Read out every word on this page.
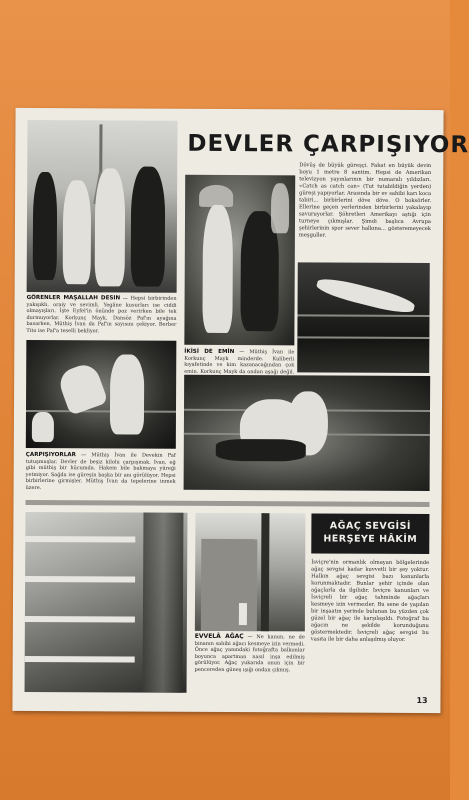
DEVLER ÇARPIŞIYOR

Dövüş de büyük güreşçi. Fakat en büyük devin boyu 1 metre 8 santim. Hepsi de Amerikan televizyon yayınlarının bir numaralı yıldızları. «Catch as catch can» (Tut tutabildiğin yerden) güreşi yapıyorlar. Arasında bir ev sahibi karı koca tabiri... birbirlerini döve döve. O boksörler. Ellerine geçen yerlerinden birbirlerini yakalayıp savuruyorlar. Şöhretleri Amerikayı aştığı için turneye çıkmışlar. Şimdi başlıca Avrupa şehirlerinin spor sever halkına... gösteremeyecek meşguller.

İKİSİ DE EMİN — Müthiş İvan ile Korkunç Mayk minderde. Kuliberli kıyafetinde ve kim kazanacağından çok emin. Korkunç Mayk da ondan aşağı değil.

GÖRENLER MAŞALLAH DESIN — Hepsi birbirinden yakışıklı, oraiy ve sevimli. Yegâne kusurları ise ciddi olmayışları. İşte Eyfel'in önünde poz verirken bile tek durmuyorlar. Korkunç Mayk, Dansöz Paf'ın ayağına basarken, Müthiş İvan da Paf'ın sayısını çekiyor. Berber Tito ise Paf'a teselli bekliyor.

ÇARPIŞIYORLAR — Müthiş İvan ile Devekin Paf tutuşmuşlar. Devler de beşiz kilolu çarpışmak. İvan, eğ gibi müthiş bir hücumda. Hakem bile bakmaya yüreği yetmiyor. Sağda ise güreşin başka bir anı görülüyor. Hepsi birbirlerine girmişler. Müthiş İvan da tepelerine inmek üzere.

EVVELÂ AĞAÇ — Ne kanun, ne de binanın sahibi ağacı kesmeye izin vermedi. Önce ağaç yanındaki fotoğrafta balkonlar boyunca apartman nasıl inşa edilmiş görülüyor. Ağaç yukarıda onun için bir pencereden güneş ışığı ondan çıkmış.

AĞAÇ SEVGİSİ
HERŞEYE HÂKİM

İsviçre'nin ormanlık olmayan bölgelerinde ağaç sevgisi kadar kuvvetli bir şey yoktur. Halkın ağaç sevgisi bazı kanunlarla korunmaktadır. Bunlar şehir içinde olan ağaçlarla da ilgilidir. İsviçre kanunları ve İsviçreli bir ağaç tahminde ağaçları kesmeye izin vermezler. Bu sene de yapılan bir inşaatın yerinde bulunan bu yüzden çok güzel bir ağaç ile karşılaşıldı. Fotoğraf bu ağacın ne şekilde korunduğunu göstermektedir. İsviçreli ağaç sevgisi bu vasıta ile bir daha anlaşılmış oluyor.

13
